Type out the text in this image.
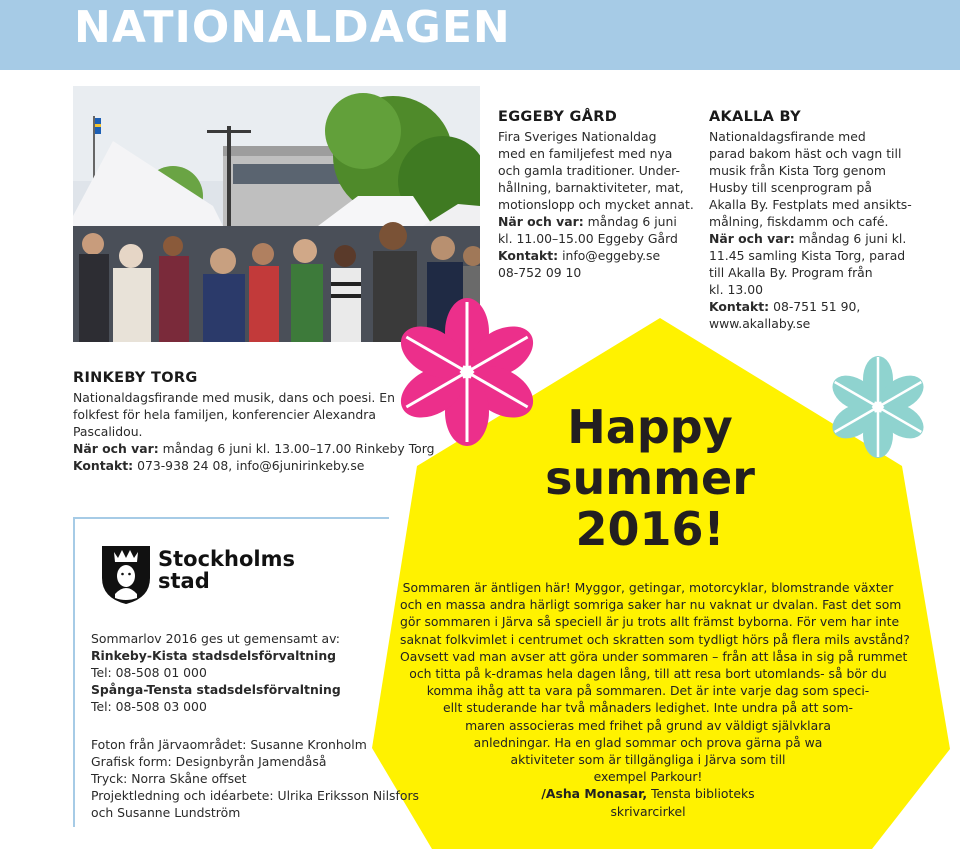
NATIONALDAGEN
EGGEBY GÅRD
Fira Sveriges Nationaldag
med en familjefest med nya
och gamla traditioner. Under-
hållning, barnaktiviteter, mat,
motionslopp och mycket annat.
När och var: måndag 6 juni
kl. 11.00–15.00 Eggeby Gård
Kontakt: info@eggeby.se
08-752 09 10
AKALLA BY
Nationaldagsfirande med
parad bakom häst och vagn till
musik från Kista Torg genom
Husby till scenprogram på
Akalla By. Festplats med ansikts-
målning, fiskdamm och café.
När och var: måndag 6 juni kl.
11.45 samling Kista Torg, parad
till Akalla By. Program från
kl. 13.00
Kontakt: 08-751 51 90,
www.akallaby.se
RINKEBY TORG
Nationaldagsfirande med musik, dans och poesi. En
folkfest för hela familjen, konferencier Alexandra
Pascalidou.
När och var: måndag 6 juni kl. 13.00–17.00 Rinkeby Torg
Kontakt: 073-938 24 08, info@6junirinkeby.se
Happy
summer
2016!
Sommaren är äntligen här! Myggor, getingar, motorcyklar, blomstrande växter
och en massa andra härligt somriga saker har nu vaknat ur dvalan. Fast det som
gör sommaren i Järva så speciell är ju trots allt främst byborna. För vem har inte
saknat folkvimlet i centrumet och skratten som tydligt hörs på flera mils avstånd?
Oavsett vad man avser att göra under sommaren – från att låsa in sig på rummet
och titta på k-dramas hela dagen lång, till att resa bort utomlands- så bör du
komma ihåg att ta vara på sommaren. Det är inte varje dag som speci-
ellt studerande har två månaders ledighet. Inte undra på att som-
maren associeras med frihet på grund av väldigt självklara
anledningar. Ha en glad sommar och prova gärna på wa
aktiviteter som är tillgängliga i Järva som till
exempel Parkour!
/Asha Monasar, Tensta biblioteks
skrivarcirkel
Stockholms
stad
Sommarlov 2016 ges ut gemensamt av:
Rinkeby-Kista stadsdelsförvaltning
Tel: 08-508 01 000
Spånga-Tensta stadsdelsförvaltning
Tel: 08-508 03 000
Foton från Järvaområdet: Susanne Kronholm
Grafisk form: Designbyrån Jamendåså
Tryck: Norra Skåne offset
Projektledning och idéarbete: Ulrika Eriksson Nilsfors
och Susanne Lundström
